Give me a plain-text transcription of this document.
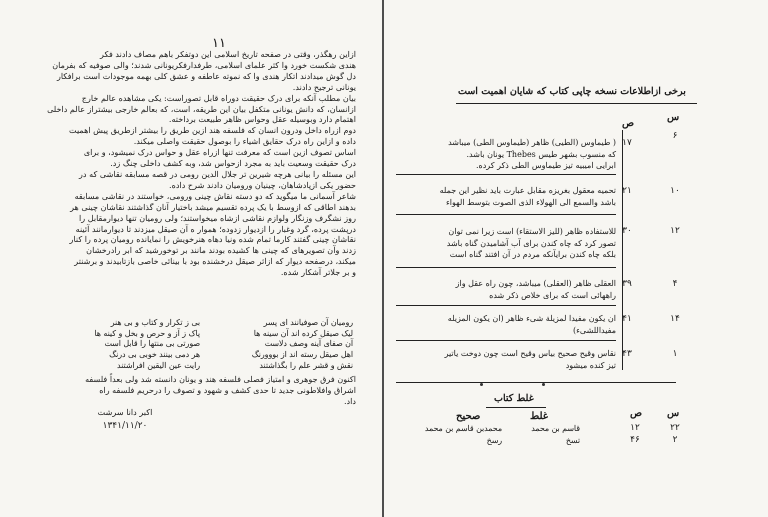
۱۱
ازاین رهگذر، وقتی در صفحه تاریخ اسلامی این دوتفکر باهم مصاف دادند فکر
هندی شکست خورد وا کثر علمای اسلامی، طرفدارفکریونانی شدند؛ والی صوفیه که بفرمان
دل گوش میدادند اتکار هندی وا که نموته عاطفه و عشق کلی بهمه موجودات است برافکار
یونانی ترجیح دادند.
بیان مطلب آنکه برای درک حقیقت دوراه قابل تصوراست: یکی مشاهده عالم خارج
ازانسان، که دانش یونانی متکفل بیان این طریقه، است، که بعالم خارجی بیشتراز عالم داخلی
اهتمام دارد وبوسیله عقل وحواس ظاهر طبیعت برداخته.
دوم ازراه داخل ودرون انسان که فلسفه هند ازین طریق را بیشتر ازطریق پیش اهمیت
داده و ازاین راه درک حقایق اشیاء را بوصول حقیقت واصلی میکند.
اساس تصوف ازین است که معرفت تنها ازراه عقل و حواس درک نمیشود، و برای
درک حقیقت وسعیت باید به مجرد ازحواس شد، وبه کشف داخلی چنگ زد.
این مسئله را بیانی هرچه شیرین تر جلال الدین رومی در قصه مسابقه نقاشی که در
حضور یکی ازپادشاهان، چینیان ورومیان دادند شرح داده.
شاعر آسمانی ما میگوید که دو دسته نقاش چینی ورومی، خواستند در نقاشی مسابقه
بدهند اطاقی که ازوسط با یک پرده تقسیم میشد باختیار آنان گذاشتند نقاشان چینی هر
روز نشگرف وزنگار ولوازم نقاشی ازشاه میخواستند؛ ولی رومیان تنها دیوارمقابل را
درپشت پرده، گرد وغبار را ازدیوار زدوده؛ هموار ه آن صیقل میزدند تا دیوارمانند آئینه
نقاشان چینی گفتند کارما تمام شده ونیا دهاه هنرخویش را نمایانده رومیان پرده را کنار
زدند وآن تصویرهای که چینی ها کشیده بودند مانند بر توخورشید که ابر رادرخشان
میکند، درصفحه دیوار که ازاثر صیقل درخشنده بود با بینائی خاصی بازتابیدند و برشنتر
و بر جلاتر آشکار شده.
رومیان آن صوفیانند ای پسر
لیک صیقل کرده اند آن سینه ها
آن صفای آینه وصف دلاست
اهل صیقل رسته اند از بووورنگ
نقش و قشر علم را بگذاشتند
بی ز تکرار و کتاب و بی هنر
پاک ز آز و حرص و بخل و کینه ها
صورتی بی منتها را قابل است
هر دمی بینند خوبی بی درنگ
رایت عین الیقین افراشتند
اکنون فرق جوهری و امتیاز فصلی فلسفه هند و یونان دانسته شد ولی بعداً فلسفه
اشراق وافلاطونی جدید تا حدی کشف و شهود و تصوف را درحریم فلسفه راه
داد.
اکبر دانا سرشت
۱۳۴۱/۱۱/۲۰
برخی ازاطلاعات نسخه چاپی کتاب که شایان اهمیت است
س
ص
۶
۱۷
( طیماوس (الطیی) ظاهر (طیماوس الطی) میباشد
که منسوب بشهر طیس Thebes یونان باشد.
ابرایی امیبیه تیز طیماوس الطی ذکر کرده.
۱۰
۲۱
تحمیه معقول بغریزه مقابل عبارت باید نظیر این جمله
باشد والسمع الی الهولاء الذی الصوت بتوسط الهواء
۱۲
۳۰
للاستفاده ظاهر (للیز الاستقاء) است زیرا نمی توان
تصور کرد که چاه کندن برای آب آشامیدن گناه باشد
بلکه چاه کندن برایآنکه مردم در آن افتند گناه است
۴
۳۹
العقلی ظاهر (العقلی) میباشد، چون راه عقل واز
راههائی است که برای خلاص ذکر شده
۱۴
۴۱
ان یکون مفیدا لمزیلة شیء ظاهر (ان یکون المزیله
مفیداللشیء)
۱
۴۳
نقاس وقیح صحیح بیاس وقیح است چون دوخت یاتیر
تیز کنده میشود
غلط کتاب
س
ص
غلط
صحیح
۲۲
۱۲
قاسم بن محمد
محمدبن قاسم بن محمد
۲
۴۶
تسخ
رسخ
